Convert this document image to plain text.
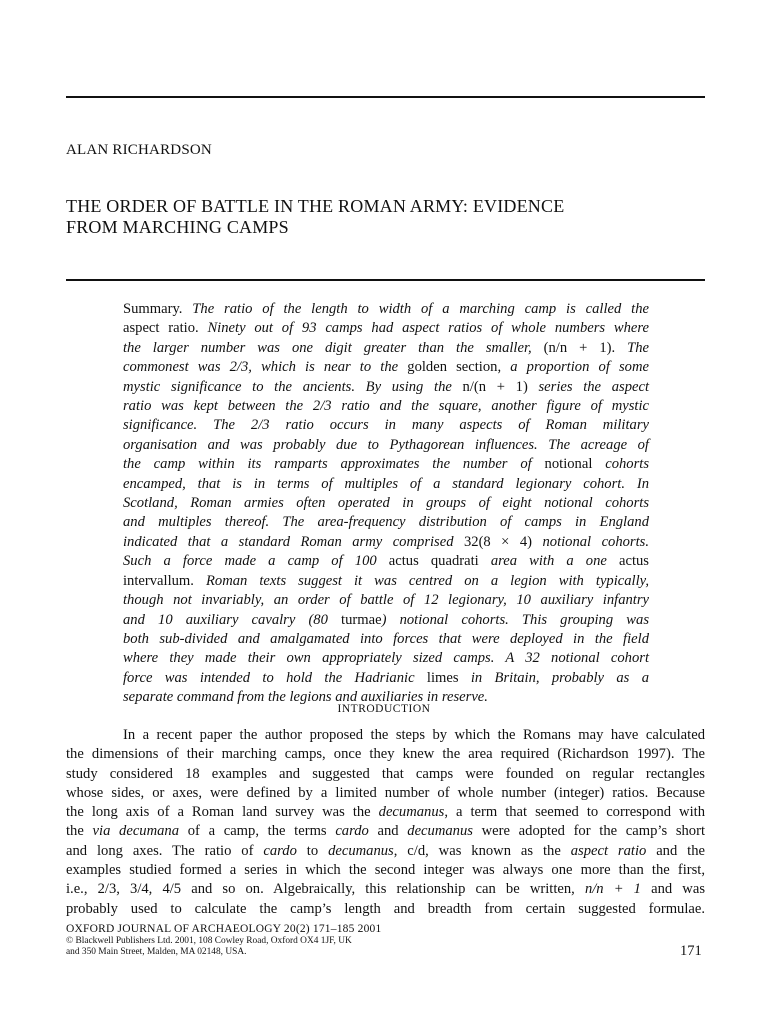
ALAN RICHARDSON
THE ORDER OF BATTLE IN THE ROMAN ARMY: EVIDENCE
FROM MARCHING CAMPS
Summary. The ratio of the length to width of a marching camp is called the
aspect ratio. Ninety out of 93 camps had aspect ratios of whole numbers where
the larger number was one digit greater than the smaller, (n/n + 1). The
commonest was 2/3, which is near to the golden section, a proportion of some
mystic significance to the ancients. By using the n/(n + 1) series the aspect
ratio was kept between the 2/3 ratio and the square, another figure of mystic
significance. The 2/3 ratio occurs in many aspects of Roman military
organisation and was probably due to Pythagorean influences. The acreage of
the camp within its ramparts approximates the number of notional cohorts
encamped, that is in terms of multiples of a standard legionary cohort. In
Scotland, Roman armies often operated in groups of eight notional cohorts
and multiples thereof. The area-frequency distribution of camps in England
indicated that a standard Roman army comprised 32(8 × 4) notional cohorts.
Such a force made a camp of 100 actus quadrati area with a one actus
intervallum. Roman texts suggest it was centred on a legion with typically,
though not invariably, an order of battle of 12 legionary, 10 auxiliary infantry
and 10 auxiliary cavalry (80 turmae) notional cohorts. This grouping was
both sub-divided and amalgamated into forces that were deployed in the field
where they made their own appropriately sized camps. A 32 notional cohort
force was intended to hold the Hadrianic limes in Britain, probably as a
separate command from the legions and auxiliaries in reserve.
INTRODUCTION
In a recent paper the author proposed the steps by which the Romans may have calculated
the dimensions of their marching camps, once they knew the area required (Richardson 1997). The
study considered 18 examples and suggested that camps were founded on regular rectangles
whose sides, or axes, were defined by a limited number of whole number (integer) ratios. Because
the long axis of a Roman land survey was the decumanus, a term that seemed to correspond with
the via decumana of a camp, the terms cardo and decumanus were adopted for the camp’s short
and long axes. The ratio of cardo to decumanus, c/d, was known as the aspect ratio and the
examples studied formed a series in which the second integer was always one more than the first,
i.e., 2/3, 3/4, 4/5 and so on. Algebraically, this relationship can be written, n/n + 1 and was
probably used to calculate the camp’s length and breadth from certain suggested formulae.
OXFORD JOURNAL OF ARCHAEOLOGY 20(2) 171–185 2001
© Blackwell Publishers Ltd. 2001, 108 Cowley Road, Oxford OX4 1JF, UK
and 350 Main Street, Malden, MA 02148, USA.	171
